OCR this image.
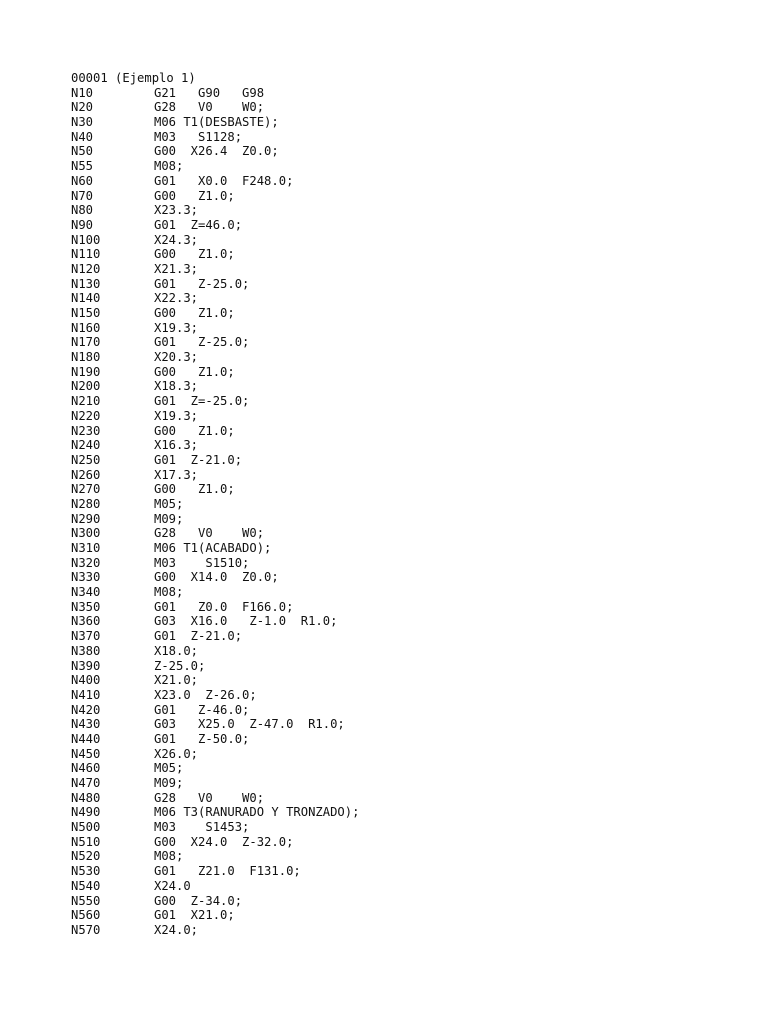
00001 (Ejemplo 1)
N10	G21   G90   G98
N20	G28   V0    W0;
N30	M06 T1(DESBASTE);
N40	M03   S1128;
N50	G00  X26.4  Z0.0;
N55	M08;
N60	G01   X0.0  F248.0;
N70	G00   Z1.0;
N80	X23.3;
N90	G01  Z=46.0;
N100	X24.3;
N110	G00   Z1.0;
N120	X21.3;
N130	G01   Z-25.0;
N140	X22.3;
N150	G00   Z1.0;
N160	X19.3;
N170	G01   Z-25.0;
N180	X20.3;
N190	G00   Z1.0;
N200	X18.3;
N210	G01  Z=-25.0;
N220	X19.3;
N230	G00   Z1.0;
N240	X16.3;
N250	G01  Z-21.0;
N260	X17.3;
N270	G00   Z1.0;
N280	M05;
N290	M09;
N300	G28   V0    W0;
N310	M06 T1(ACABADO);
N320	M03    S1510;
N330	G00  X14.0  Z0.0;
N340	M08;
N350	G01   Z0.0  F166.0;
N360	G03  X16.0   Z-1.0  R1.0;
N370	G01  Z-21.0;
N380	X18.0;
N390	Z-25.0;
N400	X21.0;
N410	X23.0  Z-26.0;
N420	G01   Z-46.0;
N430	G03   X25.0  Z-47.0  R1.0;
N440	G01   Z-50.0;
N450	X26.0;
N460	M05;
N470	M09;
N480	G28   V0    W0;
N490	M06 T3(RANURADO Y TRONZADO);
N500	M03    S1453;
N510	G00  X24.0  Z-32.0;
N520	M08;
N530	G01   Z21.0  F131.0;
N540	X24.0
N550	G00  Z-34.0;
N560	G01  X21.0;
N570	X24.0;
